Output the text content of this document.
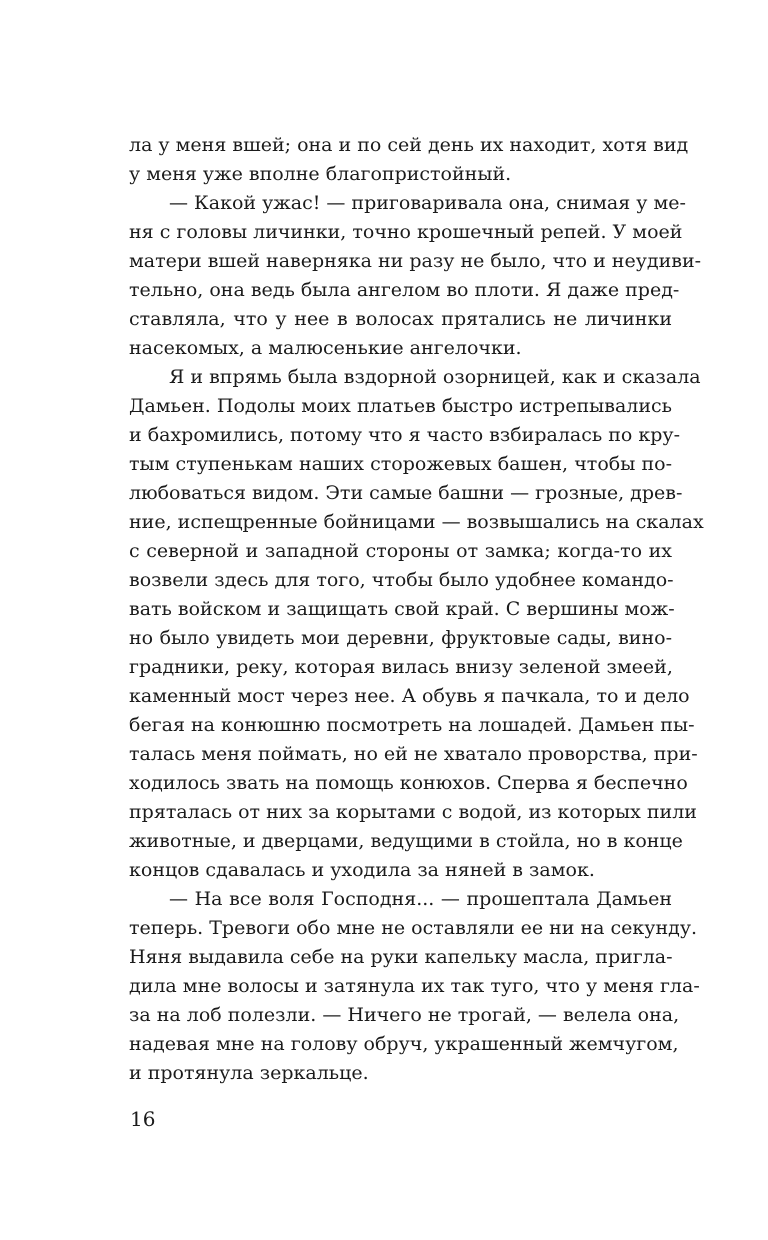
ла у меня вшей; она и по сей день их находит, хотя вид
у меня уже вполне благопристойный.
— Какой ужас! — приговаривала она, снимая у ме-
ня с головы личинки, точно крошечный репей. У моей
матери вшей наверняка ни разу не было, что и неудиви-
тельно, она ведь была ангелом во плоти. Я даже пред-
ставляла, что у нее в волосах прятались не личинки
насекомых, а малюсенькие ангелочки.
Я и впрямь была вздорной озорницей, как и сказала
Дамьен. Подолы моих платьев быстро истрепывались
и бахромились, потому что я часто взбиралась по кру-
тым ступенькам наших сторожевых башен, чтобы по-
любоваться видом. Эти самые башни — грозные, древ-
ние, испещренные бойницами — возвышались на скалах
с северной и западной стороны от замка; когда-то их
возвели здесь для того, чтобы было удобнее командо-
вать войском и защищать свой край. С вершины мож-
но было увидеть мои деревни, фруктовые сады, вино-
градники, реку, которая вилась внизу зеленой змеей,
каменный мост через нее. А обувь я пачкала, то и дело
бегая на конюшню посмотреть на лошадей. Дамьен пы-
талась меня поймать, но ей не хватало проворства, при-
ходилось звать на помощь конюхов. Сперва я беспечно
пряталась от них за корытами с водой, из которых пили
животные, и дверцами, ведущими в стойла, но в конце
концов сдавалась и уходила за няней в замок.
— На все воля Господня... — прошептала Дамьен
теперь. Тревоги обо мне не оставляли ее ни на секунду.
Няня выдавила себе на руки капельку масла, пригла-
дила мне волосы и затянула их так туго, что у меня гла-
за на лоб полезли. — Ничего не трогай, — велела она,
надевая мне на голову обруч, украшенный жемчугом,
и протянула зеркальце.
16
